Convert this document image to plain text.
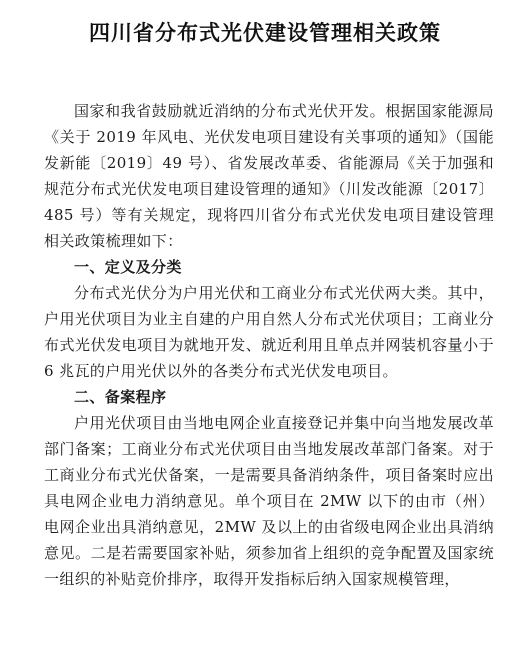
四川省分布式光伏建设管理相关政策

国家和我省鼓励就近消纳的分布式光伏开发。根据国家能源局《关于 2019 年风电、光伏发电项目建设有关事项的通知》（国能发新能〔2019〕49 号）、省发展改革委、省能源局《关于加强和规范分布式光伏发电项目建设管理的通知》（川发改能源〔2017〕485 号）等有关规定，现将四川省分布式光伏发电项目建设管理相关政策梳理如下：

一、定义及分类

分布式光伏分为户用光伏和工商业分布式光伏两大类。其中，户用光伏项目为业主自建的户用自然人分布式光伏项目；工商业分布式光伏发电项目为就地开发、就近利用且单点并网装机容量小于 6 兆瓦的户用光伏以外的各类分布式光伏发电项目。

二、备案程序

户用光伏项目由当地电网企业直接登记并集中向当地发展改革部门备案；工商业分布式光伏项目由当地发展改革部门备案。对于工商业分布式光伏备案，一是需要具备消纳条件，项目备案时应出具电网企业电力消纳意见。单个项目在 2MW 以下的由市（州）电网企业出具消纳意见，2MW 及以上的由省级电网企业出具消纳意见。二是若需要国家补贴，须参加省上组织的竞争配置及国家统一组织的补贴竞价排序，取得开发指标后纳入国家规模管理，
